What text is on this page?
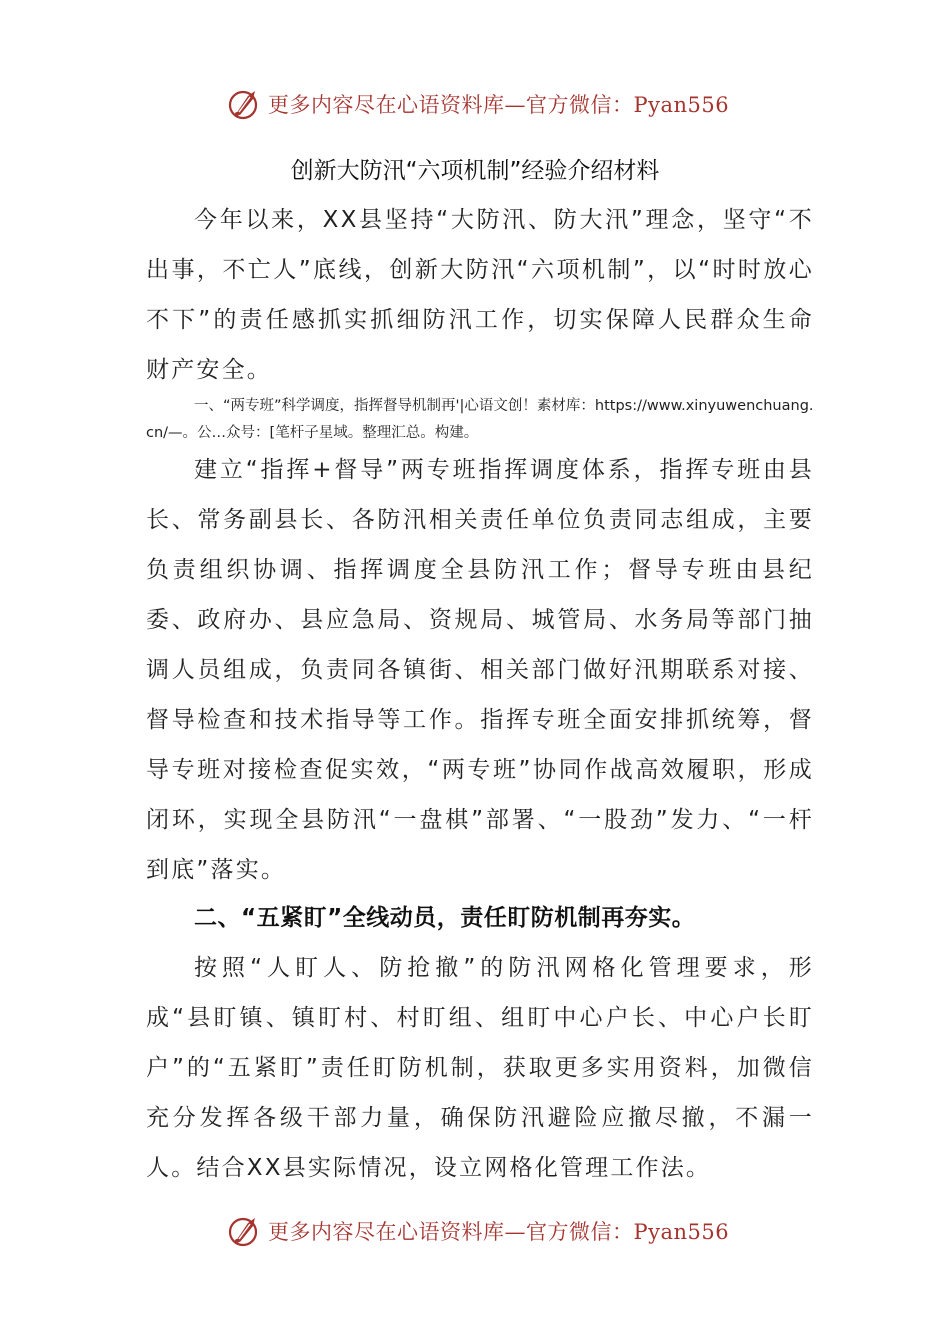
更多内容尽在心语资料库—官方微信：Pyan556
创新大防汛“六项机制”经验介绍材料

今年以来，XX县坚持“大防汛、防大汛”理念，坚守“不出事，不亡人”底线，创新大防汛“六项机制”，以“时时放心不下”的责任感抓实抓细防汛工作，切实保障人民群众生命财产安全。

一、“两专班”科学调度，指挥督导机制再'|心语文创！素材库：https://www.xinyuwenchuang.cn/—。公…众号：[笔杆子星域。整理汇总。构建。

建立“指挥+督导”两专班指挥调度体系，指挥专班由县长、常务副县长、各防汛相关责任单位负责同志组成，主要负责组织协调、指挥调度全县防汛工作；督导专班由县纪委、政府办、县应急局、资规局、城管局、水务局等部门抽调人员组成，负责同各镇街、相关部门做好汛期联系对接、督导检查和技术指导等工作。指挥专班全面安排抓统筹，督导专班对接检查促实效，“两专班”协同作战高效履职，形成闭环，实现全县防汛“一盘棋”部署、“一股劲”发力、“一杆到底”落实。

二、“五紧盯”全线动员，责任盯防机制再夯实。

按照“人盯人、防抢撤”的防汛网格化管理要求，形成“县盯镇、镇盯村、村盯组、组盯中心户长、中心户长盯户”的“五紧盯”责任盯防机制，获取更多实用资料，加微信充分发挥各级干部力量，确保防汛避险应撤尽撤，不漏一人。结合XX县实际情况，设立网格化管理工作法。

更多内容尽在心语资料库—官方微信：Pyan556
